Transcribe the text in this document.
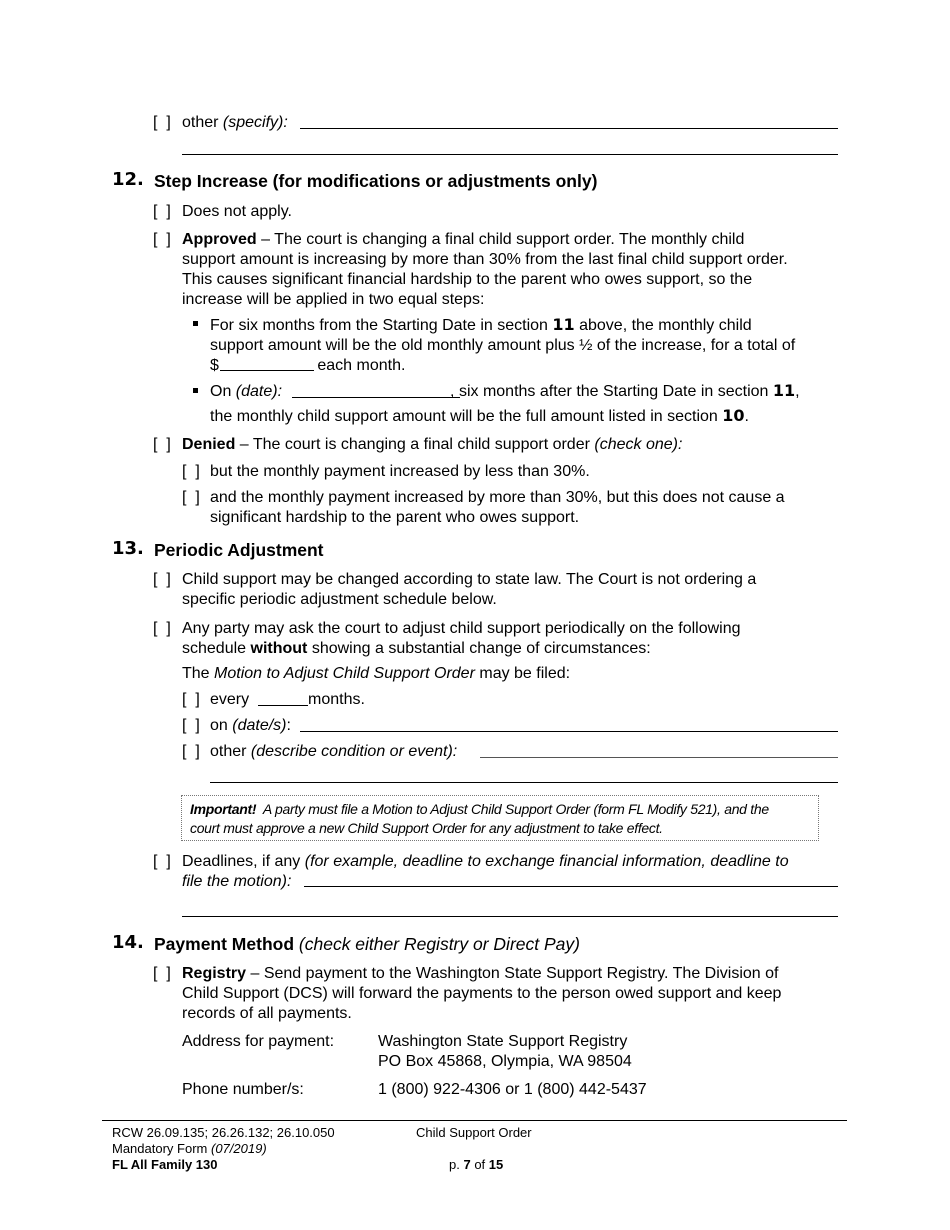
[  ] other (specify):
12. Step Increase (for modifications or adjustments only)
[  ] Does not apply.
[  ] Approved – The court is changing a final child support order. The monthly child
support amount is increasing by more than 30% from the last final child support order.
This causes significant financial hardship to the parent who owes support, so the
increase will be applied in two equal steps:
For six months from the Starting Date in section 11 above, the monthly child
support amount will be the old monthly amount plus ½ of the increase, for a total of
$	each month.
On (date):	, six months after the Starting Date in section 11,
the monthly child support amount will be the full amount listed in section 10.
[  ] Denied – The court is changing a final child support order (check one):
[  ] but the monthly payment increased by less than 30%.
[  ] and the monthly payment increased by more than 30%, but this does not cause a
significant hardship to the parent who owes support.
13. Periodic Adjustment
[  ] Child support may be changed according to state law. The Court is not ordering a
specific periodic adjustment schedule below.
[  ] Any party may ask the court to adjust child support periodically on the following
schedule without showing a substantial change of circumstances:
The Motion to Adjust Child Support Order may be filed:
[  ] every	months.
[  ] on (date/s):
[  ] other (describe condition or event):
Important! A party must file a Motion to Adjust Child Support Order (form FL Modify 521), and the
court must approve a new Child Support Order for any adjustment to take effect.
[  ] Deadlines, if any (for example, deadline to exchange financial information, deadline to
file the motion):
14. Payment Method (check either Registry or Direct Pay)
[  ] Registry – Send payment to the Washington State Support Registry. The Division of
Child Support (DCS) will forward the payments to the person owed support and keep
records of all payments.
Address for payment:	Washington State Support Registry
PO Box 45868, Olympia, WA 98504
Phone number/s:	1 (800) 922-4306 or 1 (800) 442-5437
RCW 26.09.135; 26.26.132; 26.10.050
Mandatory Form (07/2019)
FL All Family 130
Child Support Order
p. 7 of 15
